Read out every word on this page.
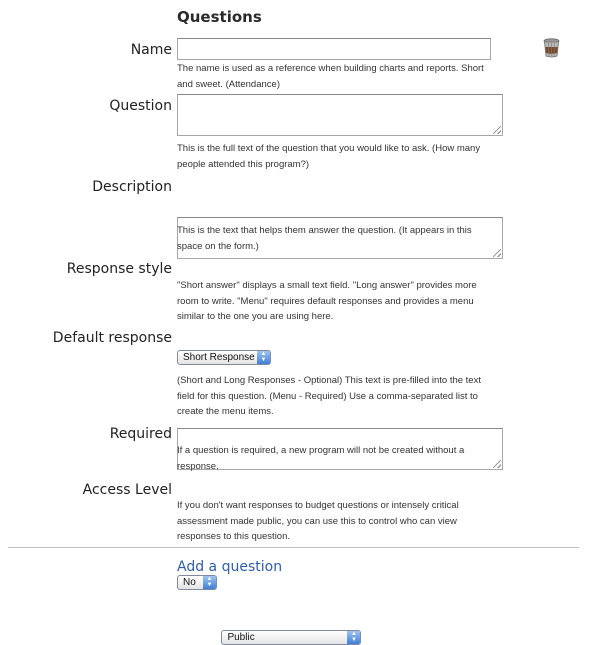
Questions
Name
The name is used as a reference when building charts and reports. Short and sweet. (Attendance)
Question
This is the full text of the question that you would like to ask. (How many people attended this program?)
Description
This is the text that helps them answer the question. (It appears in this space on the form.)
Response style
Short Response ▲
▼
"Short answer" displays a small text field. "Long answer" provides more room to write. "Menu" requires default responses and provides a menu similar to the one you are using here.
Default response
(Short and Long Responses - Optional) This text is pre-filled into the text field for this question. (Menu - Required) Use a comma-separated list to create the menu items.
Required
No	▲
▼

If a question is required, a new program will not be created without a response.
Access Level
Public	▲
▼
If you don't want responses to budget questions or intensely critical assessment made public, you can use this to control who can view responses to this question.
Add a question
